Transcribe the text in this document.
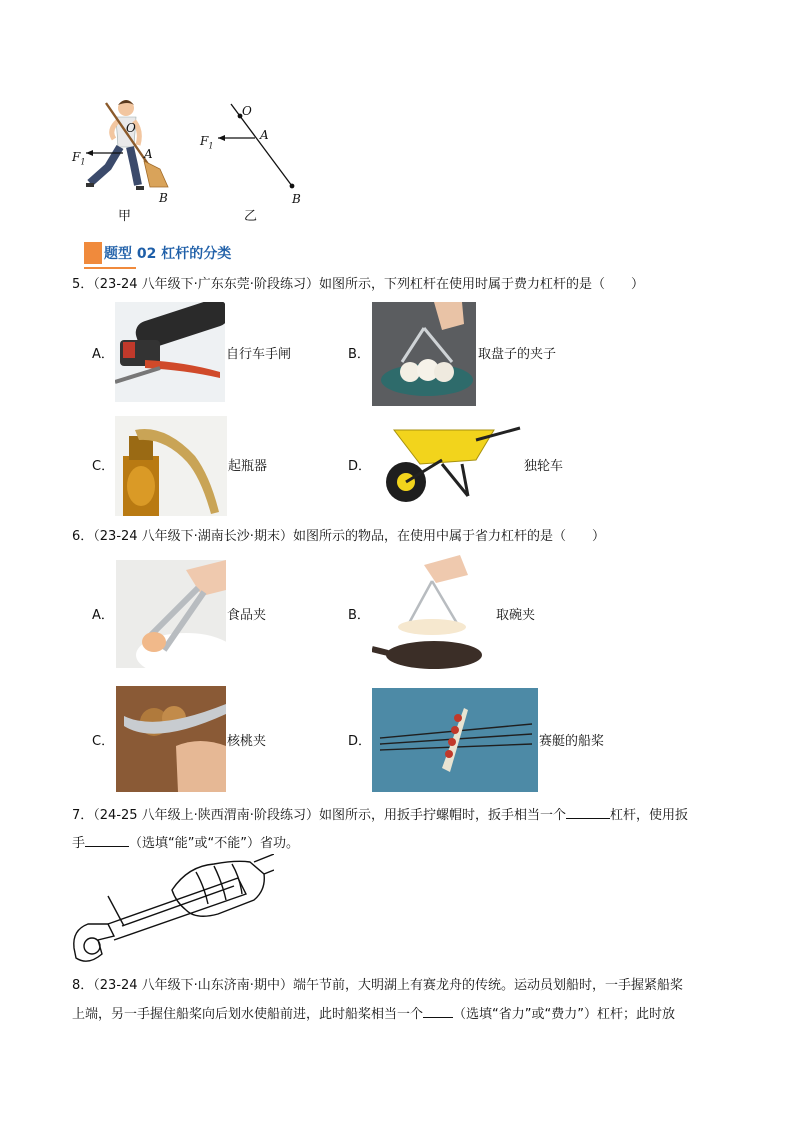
O
A
B
$F_1$
甲
O
A
B
$F_1$
乙
题型 02 杠杆的分类
5．（23-24 八年级下·广东东莞·阶段练习）如图所示，下列杠杆在使用时属于费力杠杆的是（　　）
A．	自行车手闸	B．	取盘子的夹子
C．	起瓶器	D．	独轮车
6．（23-24 八年级下·湖南长沙·期末）如图所示的物品，在使用中属于省力杠杆的是（　　）
A．	食品夹	B．	取碗夹
C．	核桃夹	D．	赛艇的船桨
7．（24-25 八年级上·陕西渭南·阶段练习）如图所示，用扳手拧螺帽时，扳手相当一个	杠杆，使用扳
手	（选填“能”或“不能”）省功。
8．（23-24 八年级下·山东济南·期中）端午节前，大明湖上有赛龙舟的传统。运动员划船时，一手握紧船桨
上端，另一手握住船桨向后划水使船前进，此时船桨相当一个 （选填“省力”或“费力”）杠杆；此时放
